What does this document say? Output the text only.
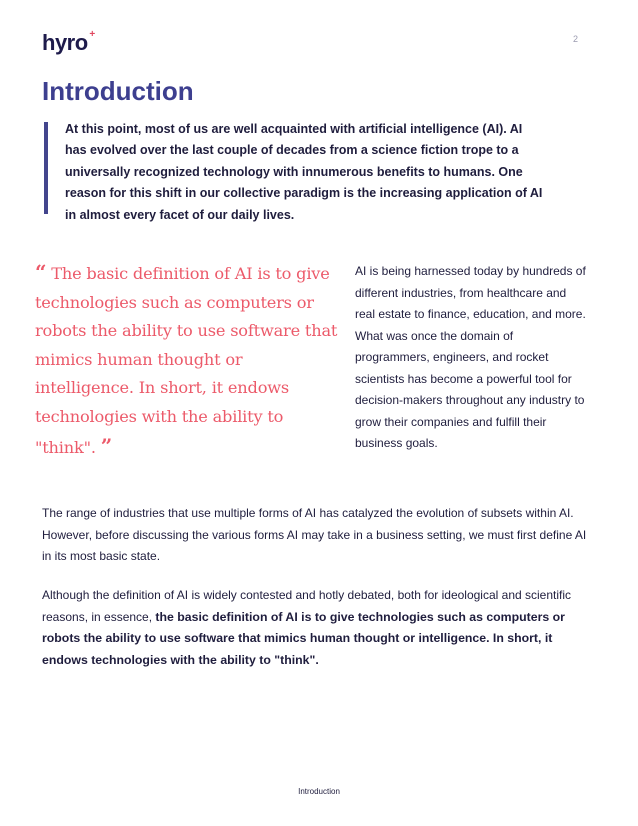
hyro +	2
Introduction

At this point, most of us are well acquainted with artificial intelligence (AI). AI has evolved over the last couple of decades from a science fiction trope to a universally recognized technology with innumerous benefits to humans. One reason for this shift in our collective paradigm is the increasing application of AI in almost every facet of our daily lives.

“ The basic definition of AI is to give technologies such as computers or robots the ability to use software that mimics human thought or intelligence. In short, it endows technologies with the ability to "think". ”

AI is being harnessed today by hundreds of different industries, from healthcare and real estate to finance, education, and more. What was once the domain of programmers, engineers, and rocket scientists has become a powerful tool for decision-makers throughout any industry to grow their companies and fulfill their business goals.

The range of industries that use multiple forms of AI has catalyzed the evolution of subsets within AI. However, before discussing the various forms AI may take in a business setting, we must first define AI in its most basic state.

Although the definition of AI is widely contested and hotly debated, both for ideological and scientific reasons, in essence, the basic definition of AI is to give technologies such as computers or robots the ability to use software that mimics human thought or intelligence. In short, it endows technologies with the ability to "think".

Introduction
